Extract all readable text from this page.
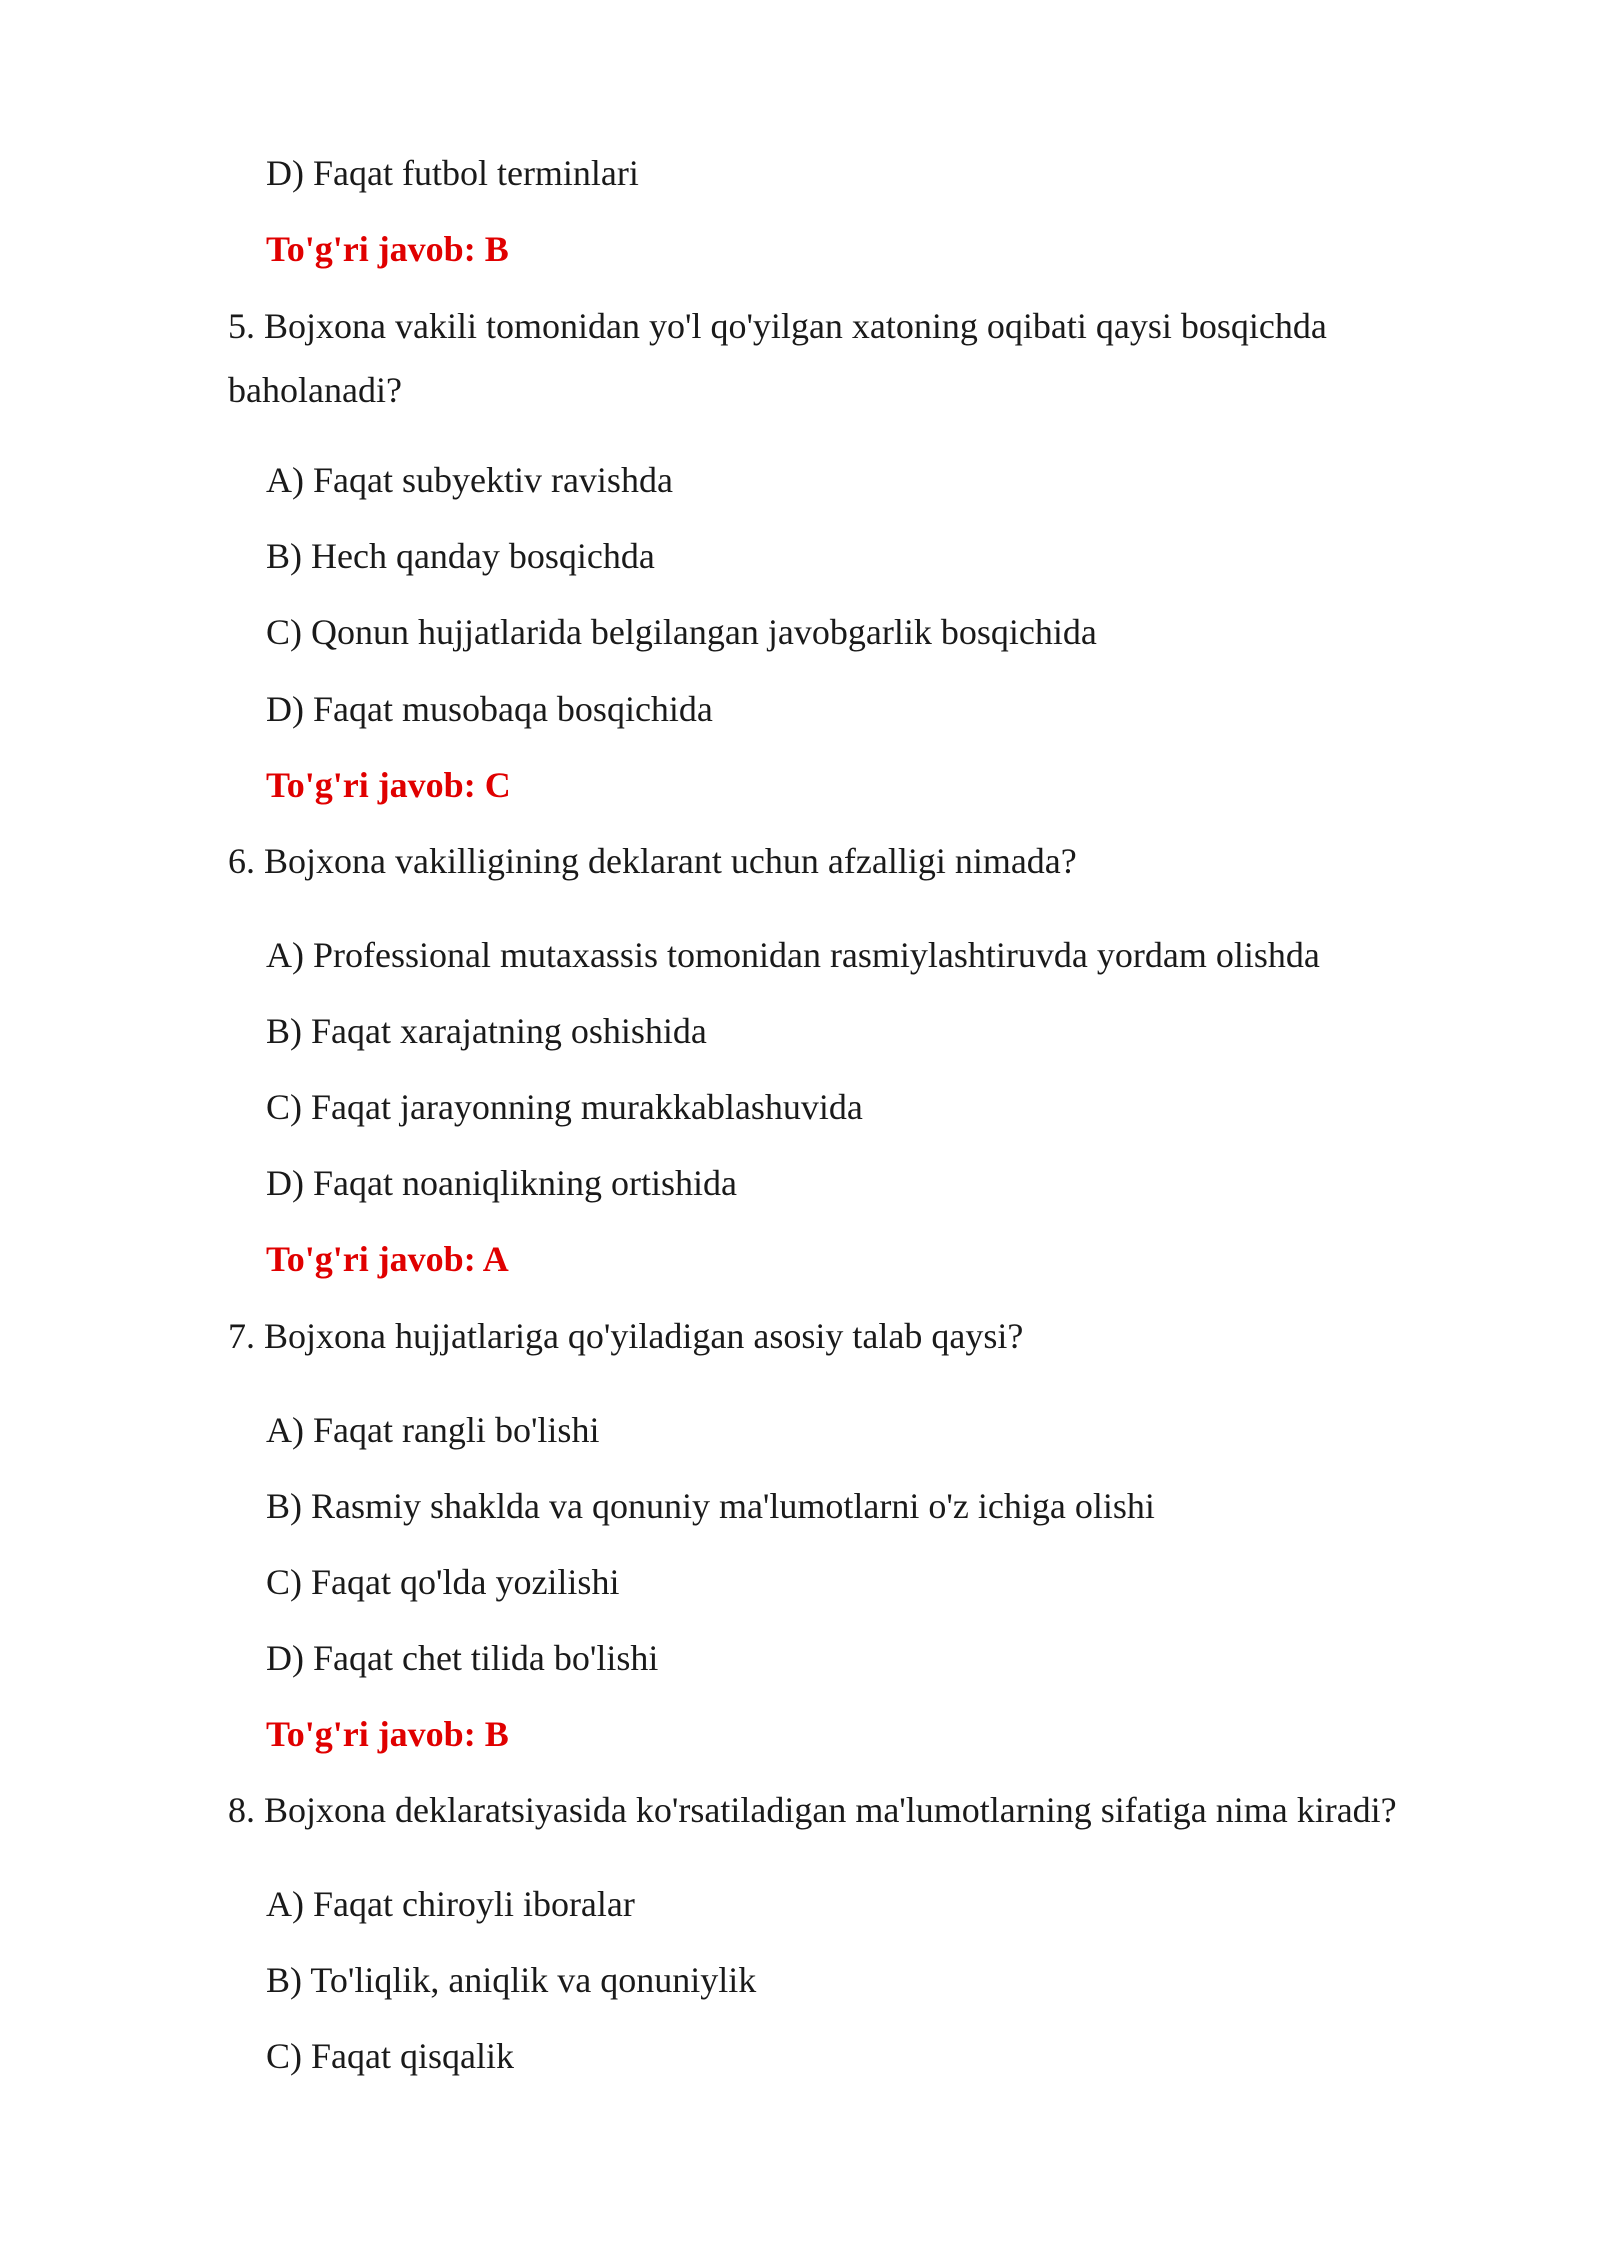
D) Faqat futbol terminlari
To'g'ri javob: B
5. Bojxona vakili tomonidan yo'l qo'yilgan xatoning oqibati qaysi bosqichda baholanadi?
A) Faqat subyektiv ravishda
B) Hech qanday bosqichda
C) Qonun hujjatlarida belgilangan javobgarlik bosqichida
D) Faqat musobaqa bosqichida
To'g'ri javob: C
6. Bojxona vakilligining deklarant uchun afzalligi nimada?
A) Professional mutaxassis tomonidan rasmiylashtiruvda yordam olishda
B) Faqat xarajatning oshishida
C) Faqat jarayonning murakkablashuvida
D) Faqat noaniqlikning ortishida
To'g'ri javob: A
7. Bojxona hujjatlariga qo'yiladigan asosiy talab qaysi?
A) Faqat rangli bo'lishi
B) Rasmiy shaklda va qonuniy ma'lumotlarni o'z ichiga olishi
C) Faqat qo'lda yozilishi
D) Faqat chet tilida bo'lishi
To'g'ri javob: B
8. Bojxona deklaratsiyasida ko'rsatiladigan ma'lumotlarning sifatiga nima kiradi?
A) Faqat chiroyli iboralar
B) To'liqlik, aniqlik va qonuniylik
C) Faqat qisqalik
